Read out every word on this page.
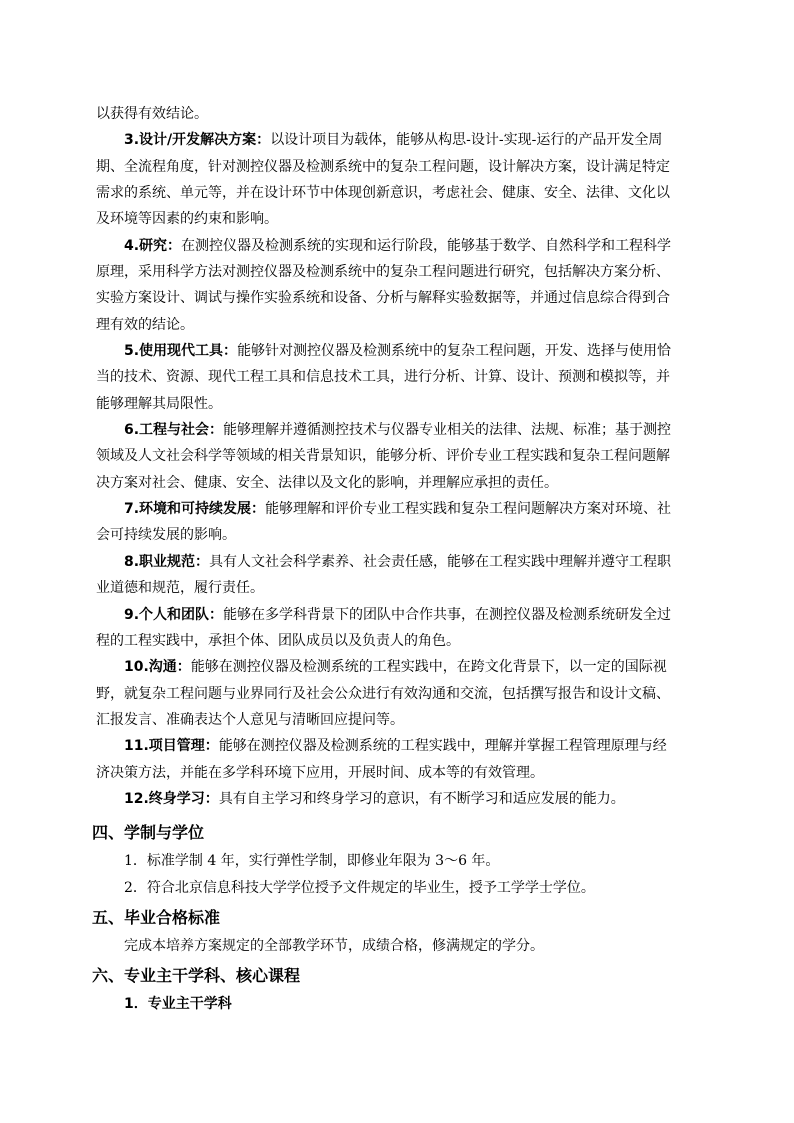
以获得有效结论。
3.设计/开发解决方案：以设计项目为载体，能够从构思-设计-实现-运行的产品开发全周
期、全流程角度，针对测控仪器及检测系统中的复杂工程问题，设计解决方案，设计满足特定
需求的系统、单元等，并在设计环节中体现创新意识，考虑社会、健康、安全、法律、文化以
及环境等因素的约束和影响。
4.研究：在测控仪器及检测系统的实现和运行阶段，能够基于数学、自然科学和工程科学
原理，采用科学方法对测控仪器及检测系统中的复杂工程问题进行研究，包括解决方案分析、
实验方案设计、调试与操作实验系统和设备、分析与解释实验数据等，并通过信息综合得到合
理有效的结论。
5.使用现代工具：能够针对测控仪器及检测系统中的复杂工程问题，开发、选择与使用恰
当的技术、资源、现代工程工具和信息技术工具，进行分析、计算、设计、预测和模拟等，并
能够理解其局限性。
6.工程与社会：能够理解并遵循测控技术与仪器专业相关的法律、法规、标准；基于测控
领域及人文社会科学等领域的相关背景知识，能够分析、评价专业工程实践和复杂工程问题解
决方案对社会、健康、安全、法律以及文化的影响，并理解应承担的责任。
7.环境和可持续发展：能够理解和评价专业工程实践和复杂工程问题解决方案对环境、社
会可持续发展的影响。
8.职业规范：具有人文社会科学素养、社会责任感，能够在工程实践中理解并遵守工程职
业道德和规范，履行责任。
9.个人和团队：能够在多学科背景下的团队中合作共事，在测控仪器及检测系统研发全过
程的工程实践中，承担个体、团队成员以及负责人的角色。
10.沟通：能够在测控仪器及检测系统的工程实践中，在跨文化背景下，以一定的国际视
野，就复杂工程问题与业界同行及社会公众进行有效沟通和交流，包括撰写报告和设计文稿、
汇报发言、准确表达个人意见与清晰回应提问等。
11.项目管理：能够在测控仪器及检测系统的工程实践中，理解并掌握工程管理原理与经
济决策方法，并能在多学科环境下应用，开展时间、成本等的有效管理。
12.终身学习：具有自主学习和终身学习的意识，有不断学习和适应发展的能力。
四、学制与学位
1．标准学制 4 年，实行弹性学制，即修业年限为 3～6 年。
2．符合北京信息科技大学学位授予文件规定的毕业生，授予工学学士学位。
五、毕业合格标准
完成本培养方案规定的全部教学环节，成绩合格，修满规定的学分。
六、专业主干学科、核心课程
1．专业主干学科
